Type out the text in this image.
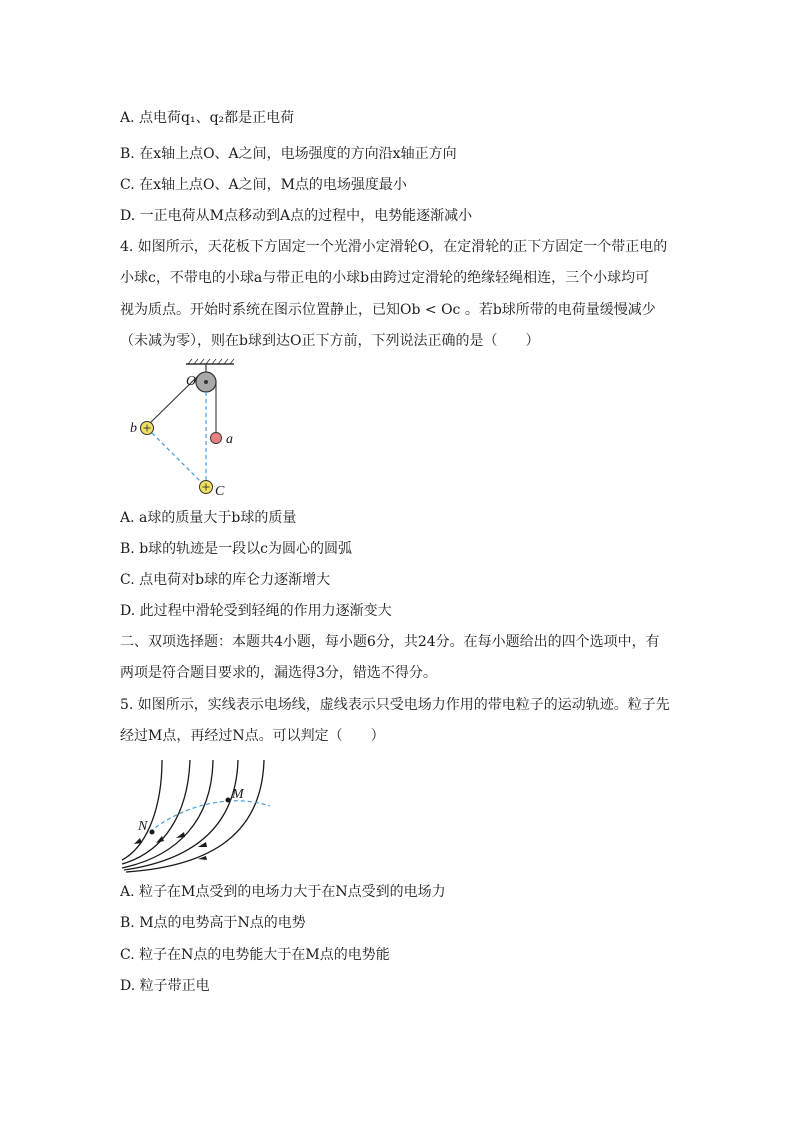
A. 点电荷q₁、q₂都是正电荷
B. 在x轴上点O、A之间，电场强度的方向沿x轴正方向
C. 在x轴上点O、A之间，M点的电场强度最小
D. 一正电荷从M点移动到A点的过程中，电势能逐渐减小
4. 如图所示，天花板下方固定一个光滑小定滑轮O，在定滑轮的正下方固定一个带正电的
小球c，不带电的小球a与带正电的小球b由跨过定滑轮的绝缘轻绳相连，三个小球均可
视为质点。开始时系统在图示位置静止，已知Ob < Oc 。若b球所带的电荷量缓慢减少
（未减为零），则在b球到达O正下方前，下列说法正确的是（　　）
O
b
a
C
A. a球的质量大于b球的质量
B. b球的轨迹是一段以c为圆心的圆弧
C. 点电荷对b球的库仑力逐渐增大
D. 此过程中滑轮受到轻绳的作用力逐渐变大
二、双项选择题：本题共4小题，每小题6分，共24分。在每小题给出的四个选项中，有
两项是符合题目要求的，漏选得3分，错选不得分。
5. 如图所示，实线表示电场线，虚线表示只受电场力作用的带电粒子的运动轨迹。粒子先
经过M点，再经过N点。可以判定（　　）
M
N
A. 粒子在M点受到的电场力大于在N点受到的电场力
B. M点的电势高于N点的电势
C. 粒子在N点的电势能大于在M点的电势能
D. 粒子带正电
